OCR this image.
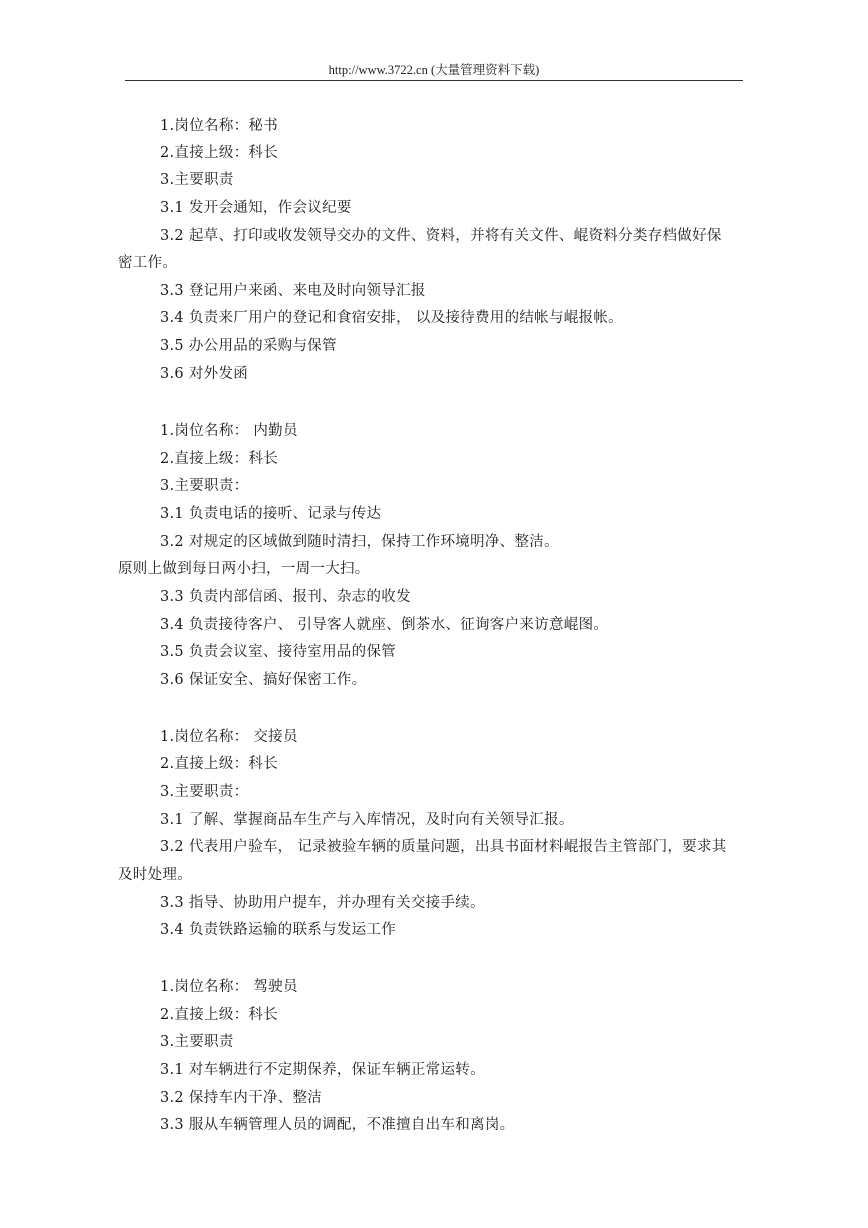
http://www.3722.cn (大量管理资料下载)
1.岗位名称：秘书
2.直接上级：科长
3.主要职责
3.1 发开会通知，作会议纪要
3.2 起草、打印或收发领导交办的文件、资料，并将有关文件、崐资料分类存档做好保
密工作。
3.3 登记用户来函、来电及时向领导汇报
3.4 负责来厂用户的登记和食宿安排， 以及接待费用的结帐与崐报帐。
3.5 办公用品的采购与保管
3.6 对外发函
1.岗位名称： 内勤员
2.直接上级：科长
3.主要职责：
3.1 负责电话的接听、记录与传达
3.2 对规定的区域做到随时清扫，保持工作环境明净、整洁。
原则上做到每日两小扫，一周一大扫。
3.3 负责内部信函、报刊、杂志的收发
3.4 负责接待客户、 引导客人就座、倒茶水、征询客户来访意崐图。
3.5 负责会议室、接待室用品的保管
3.6 保证安全、搞好保密工作。
1.岗位名称： 交接员
2.直接上级：科长
3.主要职责：
3.1 了解、掌握商品车生产与入库情况，及时向有关领导汇报。
3.2 代表用户验车， 记录被验车辆的质量问题，出具书面材料崐报告主管部门，要求其
及时处理。
3.3 指导、协助用户提车，并办理有关交接手续。
3.4 负责铁路运输的联系与发运工作
1.岗位名称： 驾驶员
2.直接上级：科长
3.主要职责
3.1 对车辆进行不定期保养，保证车辆正常运转。
3.2 保持车内干净、整洁
3.3 服从车辆管理人员的调配，不准擅自出车和离岗。
